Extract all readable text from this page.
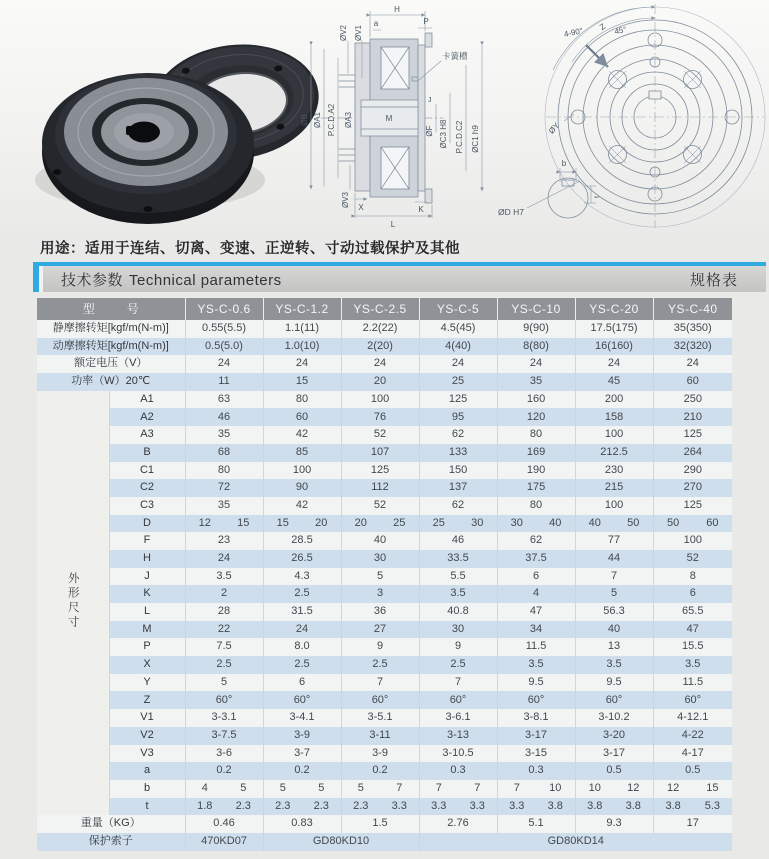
H
P
a
ØV2 ØV1
ØB ØA1 P.C.D.A2 ØA3	M
J
ØF ØC3 H8 P.C.D.C2 ØC1 h9
卡簧槽
ØV3 X	K
L
ØD H7
4-90° Z 45°
ØY
b
t
用途：适用于连结、切离、变速、正逆转、寸动过载保护及其他
技术参数 Technical parameters	规格表
型　号		YS-C-0.6	YS-C-1.2	YS-C-2.5	YS-C-5	YS-C-10	YS-C-20	YS-C-40
静摩擦转矩[kgf/m(N-m)]		0.55(5.5)	1.1(11)	2.2(22)	4.5(45)	9(90)	17.5(175)	35(350)
动摩擦转矩[kgf/m(N-m)]		0.5(5.0)	1.0(10)	2(20)	4(40)	8(80)	16(160)	32(320)
额定电压（V）		24	24	24	24	24	24	24
功率（W）20℃		11	15	20	25	35	45	60
外形尺寸	A1	63	80	100	125	160	200	250
	A2	46	60	76	95	120	158	210
	A3	35	42	52	62	80	100	125
	B	68	85	107	133	169	212.5	264
	C1	80	100	125	150	190	230	290
	C2	72	90	112	137	175	215	270
	C3	35	42	52	62	80	100	125
	D	12 15	15 20	20 25	25 30	30 40	40 50	50 60
	F	23	28.5	40	46	62	77	100
	H	24	26.5	30	33.5	37.5	44	52
	J	3.5	4.3	5	5.5	6	7	8
	K	2	2.5	3	3.5	4	5	6
	L	28	31.5	36	40.8	47	56.3	65.5
	M	22	24	27	30	34	40	47
	P	7.5	8.0	9	9	11.5	13	15.5
	X	2.5	2.5	2.5	2.5	3.5	3.5	3.5
	Y	5	6	7	7	9.5	9.5	11.5
	Z	60°	60°	60°	60°	60°	60°	60°
	V1	3-3.1	3-4.1	3-5.1	3-6.1	3-8.1	3-10.2	4-12.1
	V2	3-7.5	3-9	3-11	3-13	3-17	3-20	4-22
	V3	3-6	3-7	3-9	3-10.5	3-15	3-17	4-17
	a	0.2	0.2	0.2	0.3	0.3	0.5	0.5
	b	4 5	5 5	5 7	7 7	7 10	10 12	12 15
	t	1.8 2.3	2.3 2.3	2.3 3.3	3.3 3.3	3.3 3.8	3.8 3.8	3.8 5.3
重量（KG）		0.46	0.83	1.5	2.76	5.1	9.3	17
保护索子		470KD07	GD80KD10		GD80KD14			
